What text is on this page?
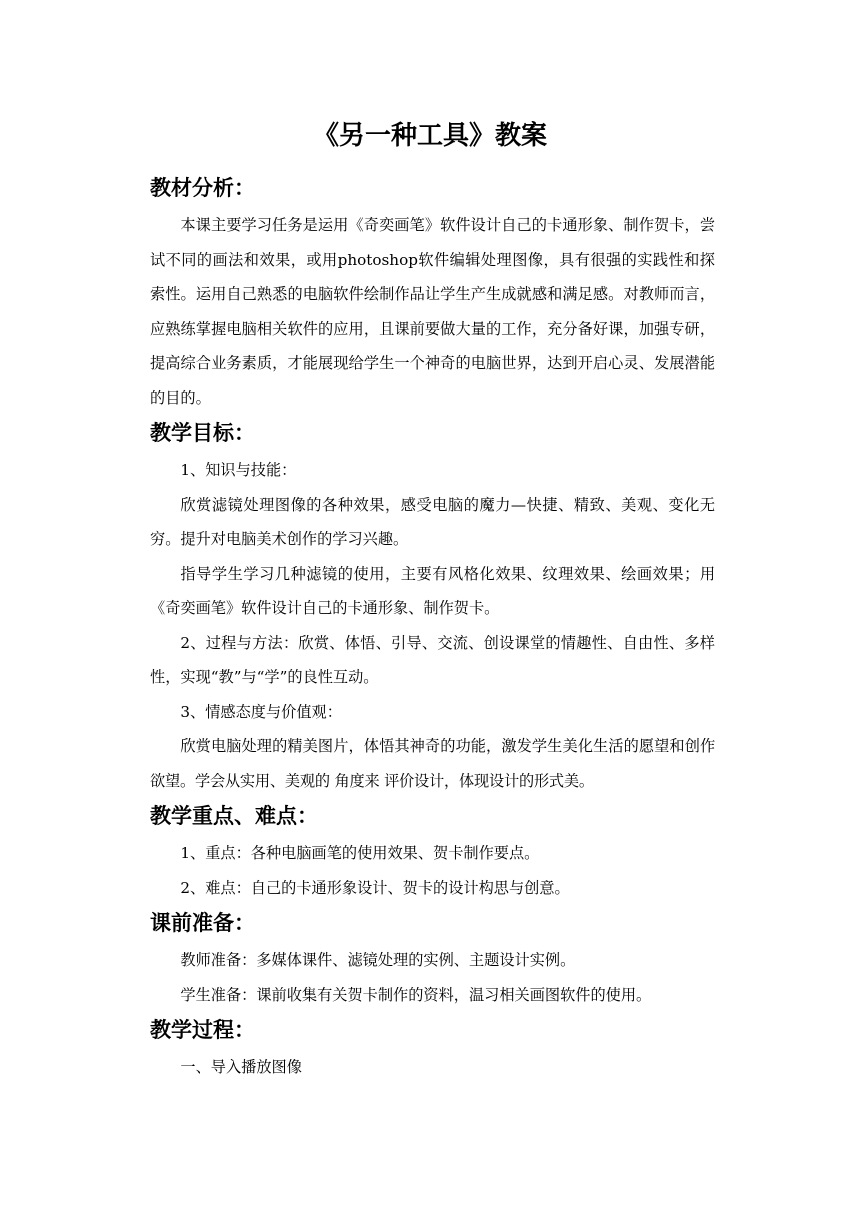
《另一种工具》教案
教材分析：

本课主要学习任务是运用《奇奕画笔》软件设计自己的卡通形象、制作贺卡，尝试不同的画法和效果，或用photoshop软件编辑处理图像，具有很强的实践性和探索性。运用自己熟悉的电脑软件绘制作品让学生产生成就感和满足感。对教师而言，应熟练掌握电脑相关软件的应用，且课前要做大量的工作，充分备好课，加强专研，提高综合业务素质，才能展现给学生一个神奇的电脑世界，达到开启心灵、发展潜能的目的。

教学目标：

1、知识与技能：

欣赏滤镜处理图像的各种效果，感受电脑的魔力—快捷、精致、美观、变化无穷。提升对电脑美术创作的学习兴趣。

指导学生学习几种滤镜的使用，主要有风格化效果、纹理效果、绘画效果；用《奇奕画笔》软件设计自己的卡通形象、制作贺卡。

2、过程与方法：欣赏、体悟、引导、交流、创设课堂的情趣性、自由性、多样性，实现“教”与“学”的良性互动。

3、情感态度与价值观：

欣赏电脑处理的精美图片，体悟其神奇的功能，激发学生美化生活的愿望和创作欲望。学会从实用、美观的 角度来 评价设计，体现设计的形式美。

教学重点、难点：

1、重点：各种电脑画笔的使用效果、贺卡制作要点。

2、难点：自己的卡通形象设计、贺卡的设计构思与创意。

课前准备：

教师准备：多媒体课件、滤镜处理的实例、主题设计实例。

学生准备：课前收集有关贺卡制作的资料，温习相关画图软件的使用。

教学过程：

一、导入播放图像
